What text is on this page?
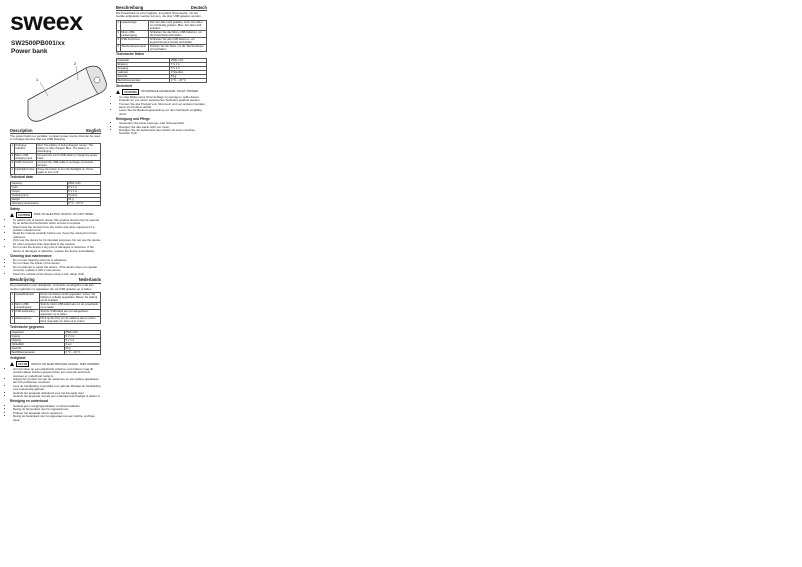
sweex
SW2500PB001/xx
Power bank
1
2
Description	English
The power bank is a portable, compact power source that can be used to recharge devices that use USB charging.
1	Charging indicator	Red: The battery is being charged. Green: The battery is fully charged. Blue: The battery is discharging.
2	Micro-USB charging input	Connect the micro-USB cable to charge the power bank.
3	USB connector	Connect the USB cable to recharge connected devices.
4	Flashlight button	Press the button to turn the flashlight on. Press again to turn it off.
Technical data
Capacity	2500 mAh
Input	5 V 1 A
Output	5 V 1 A
Charging time	3 hours
Weight	63 g
Operating temperature	0 °C – 40 °C
Safety
CAUTION	RISK OF ELECTRIC SHOCK. DO NOT OPEN
• To reduce risk of electric shock, this product should only be opened by an authorized technician when service is required.
• Disconnect the product from the mains and other equipment if a problem should occur.
• Read the manual carefully before use. Keep the manual for future reference.
• Only use the device for its intended purposes. Do not use the device for other purposes than described in the manual.
• Do not use the device if any part is damaged or defective. If the device is damaged or defective, replace the device immediately.
Cleaning and maintenance
• Do not use cleaning solvents or abrasives.
• Do not clean the inside of the device.
• Do not attempt to repair the device. If the device does not operate correctly, replace it with a new device.
• Clean the outside of the device using a soft, damp cloth.
Beschrijving	Nederlands
De powerbank is een draagbare, compacte voedingsbron die kan worden gebruikt om apparaten die via USB opladen op te laden.
1	Oplaadindicator	Rood: De batterij wordt opgeladen. Groen: De batterij is volledig opgeladen. Blauw: De batterij wordt ontladen.
2	Micro-USB-oplaadingang	Sluit de micro-USB-kabel aan om de powerbank op te laden.
3	USB-aansluiting	Sluit de USB-kabel aan om aangesloten apparaten op te laden.
4	Zaklampknop	Druk op de knop om de zaklamp aan te zetten. Druk nogmaals om deze uit te zetten.
Technische gegevens
Capaciteit	2500 mAh
Ingang	5 V 1 A
Uitgang	5 V 1 A
Oplaadtijd	3 uur
Gewicht	63 g
Bedrijfstemperatuur	0 °C – 40 °C
Veiligheid
LET OP	RISICO OP ELEKTRISCHE SCHOK. NIET OPENEN
• Om het risico op een elektrische schok te verminderen mag dit product alleen worden geopend door een erkende technicus wanneer er onderhoud nodig is.
• Koppel het product los van de netstroom en van andere apparatuur als zich problemen voordoen.
• Lees de handleiding zorgvuldig voor gebruik. Bewaar de handleiding voor toekomstig gebruik.
• Gebruik het apparaat uitsluitend voor het beoogde doel.
• Gebruik het apparaat niet als een onderdeel beschadigd of defect is.
Reiniging en onderhoud
• Gebruik geen reinigingsmiddelen of schuurmiddelen.
• Reinig de binnenkant van het apparaat niet.
• Probeer het apparaat niet te repareren.
• Reinig de buitenkant van het apparaat met een zachte, vochtige doek.
Beschreibung	Deutsch
Die Powerbank ist eine tragbare, kompakte Stromquelle, mit der Geräte aufgeladen werden können, die über USB geladen werden.
1	Ladeanzeige	Rot: Der Akku wird geladen. Grün: Der Akku ist vollständig geladen. Blau: Der Akku wird entladen.
2	Micro-USB-Ladeeingang	Schließen Sie das Micro-USB-Kabel an, um die Powerbank aufzuladen.
3	USB-Anschluss	Schließen Sie das USB-Kabel an, um angeschlossene Geräte aufzuladen.
4	Taschenlampentaste	Drücken Sie die Taste, um die Taschenlampe einzuschalten.
Technische Daten
Kapazität	2500 mAh
Eingang	5 V 1 A
Ausgang	5 V 1 A
Ladezeit	3 Stunden
Gewicht	63 g
Betriebstemperatur	0 °C – 40 °C
Sicherheit
ACHTUNG	STROMSCHLAGGEFAHR. NICHT ÖFFNEN
• Um das Risiko eines Stromschlags zu verringern, sollte dieses Produkt nur von einem autorisierten Techniker geöffnet werden.
• Trennen Sie das Produkt vom Stromnetz und von anderen Geräten, wenn ein Problem auftritt.
• Lesen Sie die Bedienungsanleitung vor dem Gebrauch sorgfältig durch.
Reinigung und Pflege
• Verwenden Sie keine Lösungs- oder Scheuermittel.
• Reinigen Sie das Gerät nicht von innen.
• Reinigen Sie die Außenseite des Geräts mit einem weichen, feuchten Tuch.
